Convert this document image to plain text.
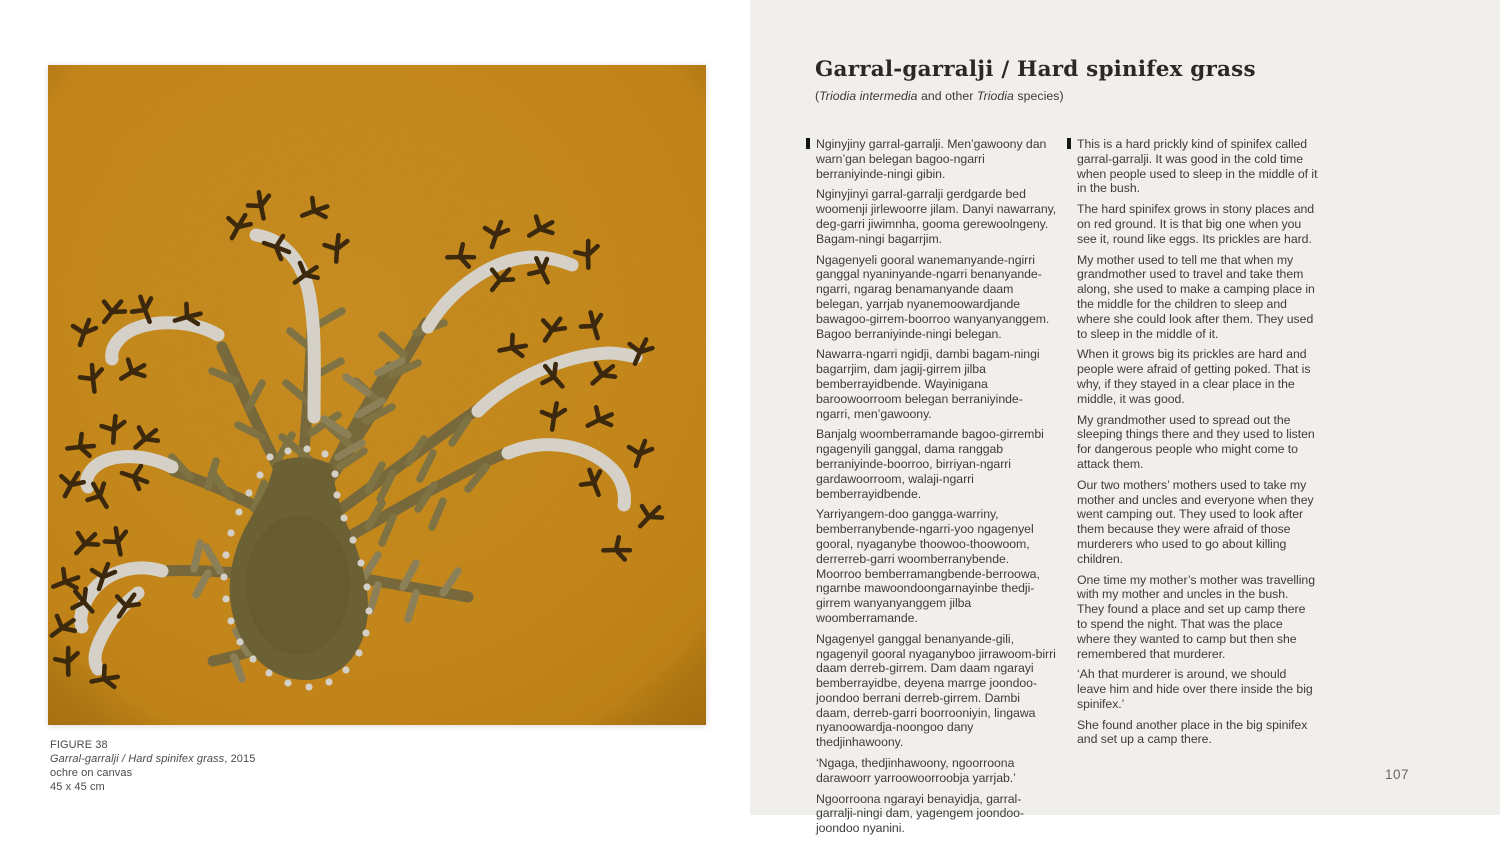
FIGURE 38
Garral-garralji / Hard spinifex grass, 2015
ochre on canvas
45 x 45 cm
Garral-garralji / Hard spinifex grass
(Triodia intermedia and other Triodia species)

Nginyjiny garral-garralji. Men’gawoony dan warn’gan belegan bagoo-ngarri berraniyinde-ningi gibin.

Nginyjinyi garral-garralji gerdgarde bed woomenji jirlewoorre jilam. Danyi nawarrany, deg-garri jiwimnha, gooma gerewoolngeny. Bagam-ningi bagarrjim.

Ngagenyeli gooral wanemanyande-ngirri ganggal nyaninyande-ngarri benanyande-ngarri, ngarag benamanyande daam belegan, yarrjab nyanemoowardjande bawagoo-girrem-boorroo wanyanyanggem. Bagoo berraniyinde-ningi belegan.

Nawarra-ngarri ngidji, dambi bagam-ningi bagarrjim, dam jagij-girrem jilba bemberrayidbende. Wayinigana baroowoorroom belegan berraniyinde-ngarri, men’gawoony.

Banjalg woomberramande bagoo-girrembi ngagenyili ganggal, dama ranggab berraniyinde-boorroo, birriyan-ngarri gardawoorroom, walaji-ngarri bemberrayidbende.

Yarriyangem-doo gangga-warriny, bemberranybende-ngarri-yoo ngagenyel gooral, nyaganybe thoowoo-thoowoom, derrerreb-garri woomberranybende. Moorroo bemberramangbende-berroowa, ngarnbe mawoondoongarnayinbe thedji-girrem wanyanyanggem jilba woomberramande.

Ngagenyel ganggal benanyande-gili, ngagenyil gooral nyaganyboo jirrawoom-birri daam derreb-girrem. Dam daam ngarayi bemberrayidbe, deyena marrge joondoo-joondoo berrani derreb-girrem. Dambi daam, derreb-garri boorrooniyin, lingawa nyanoowardja-noongoo dany thedjinhawoony.

‘Ngaga, thedjinhawoony, ngoorroona darawoorr yarroowoorroobja yarrjab.’

Ngoorroona ngarayi benayidja, garral-garralji-ningi dam, yagengem joondoo-joondoo nyanini.

This is a hard prickly kind of spinifex called garral-garralji. It was good in the cold time when people used to sleep in the middle of it in the bush.

The hard spinifex grows in stony places and on red ground. It is that big one when you see it, round like eggs. Its prickles are hard.

My mother used to tell me that when my grandmother used to travel and take them along, she used to make a camping place in the middle for the children to sleep and where she could look after them. They used to sleep in the middle of it.

When it grows big its prickles are hard and people were afraid of getting poked. That is why, if they stayed in a clear place in the middle, it was good.

My grandmother used to spread out the sleeping things there and they used to listen for dangerous people who might come to attack them.

Our two mothers’ mothers used to take my mother and uncles and everyone when they went camping out. They used to look after them because they were afraid of those murderers who used to go about killing children.

One time my mother’s mother was travelling with my mother and uncles in the bush. They found a place and set up camp there to spend the night. That was the place where they wanted to camp but then she remembered that murderer.

‘Ah that murderer is around, we should leave him and hide over there inside the big spinifex.’

She found another place in the big spinifex and set up a camp there.

107
